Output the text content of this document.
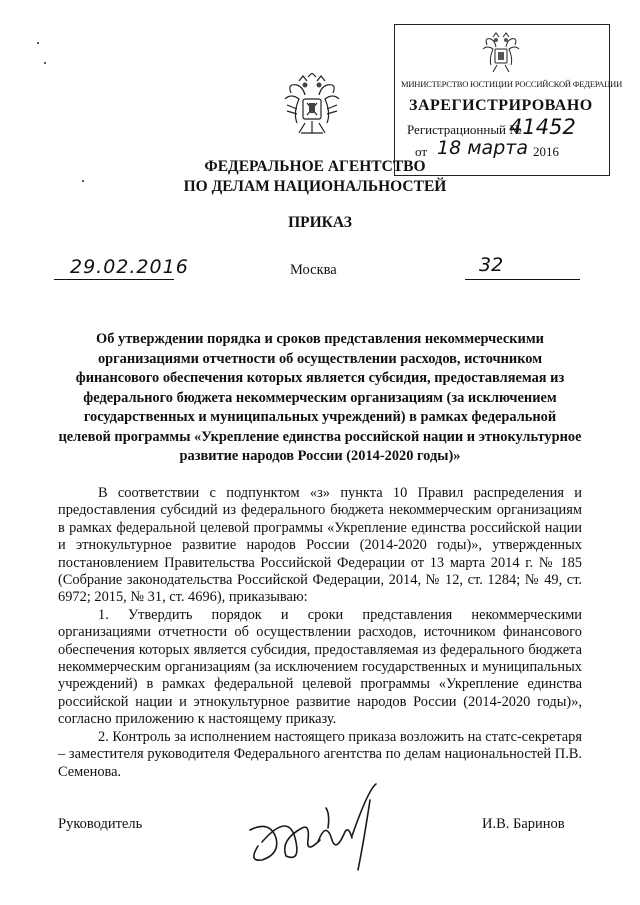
МИНИСТЕРСТВО ЮСТИЦИИ РОССИЙСКОЙ ФЕДЕРАЦИИ
ЗАРЕГИСТРИРОВАНО
Регистрационный №
41452
от 18 марта 2016
ФЕДЕРАЛЬНОЕ АГЕНТСТВО
ПО ДЕЛАМ НАЦИОНАЛЬНОСТЕЙ
ПРИКАЗ
29.02.2016	Москва	32
Об утверждении порядка и сроков представления некоммерческими организациями отчетности об осуществлении расходов, источником финансового обеспечения которых является субсидия, предоставляемая из федерального бюджета некоммерческим организациям (за исключением государственных и муниципальных учреждений) в рамках федеральной целевой программы «Укрепление единства российской нации и этнокультурное развитие народов России (2014-2020 годы)»

В соответствии с подпунктом «з» пункта 10 Правил распределения и предоставления субсидий из федерального бюджета некоммерческим организациям в рамках федеральной целевой программы «Укрепление единства российской нации и этнокультурное развитие народов России (2014-2020 годы)», утвержденных постановлением Правительства Российской Федерации от 13 марта 2014 г. № 185 (Собрание законодательства Российской Федерации, 2014, № 12, ст. 1284; № 49, ст. 6972; 2015, № 31, ст. 4696), приказываю:

1. Утвердить порядок и сроки представления некоммерческими организациями отчетности об осуществлении расходов, источником финансового обеспечения которых является субсидия, предоставляемая из федерального бюджета некоммерческим организациям (за исключением государственных и муниципальных учреждений) в рамках федеральной целевой программы «Укрепление единства российской нации и этнокультурное развитие народов России (2014-2020 годы)», согласно приложению к настоящему приказу.

2. Контроль за исполнением настоящего приказа возложить на статс-секретаря – заместителя руководителя Федерального агентства по делам национальностей П.В. Семенова.

Руководитель	И.В. Баринов
